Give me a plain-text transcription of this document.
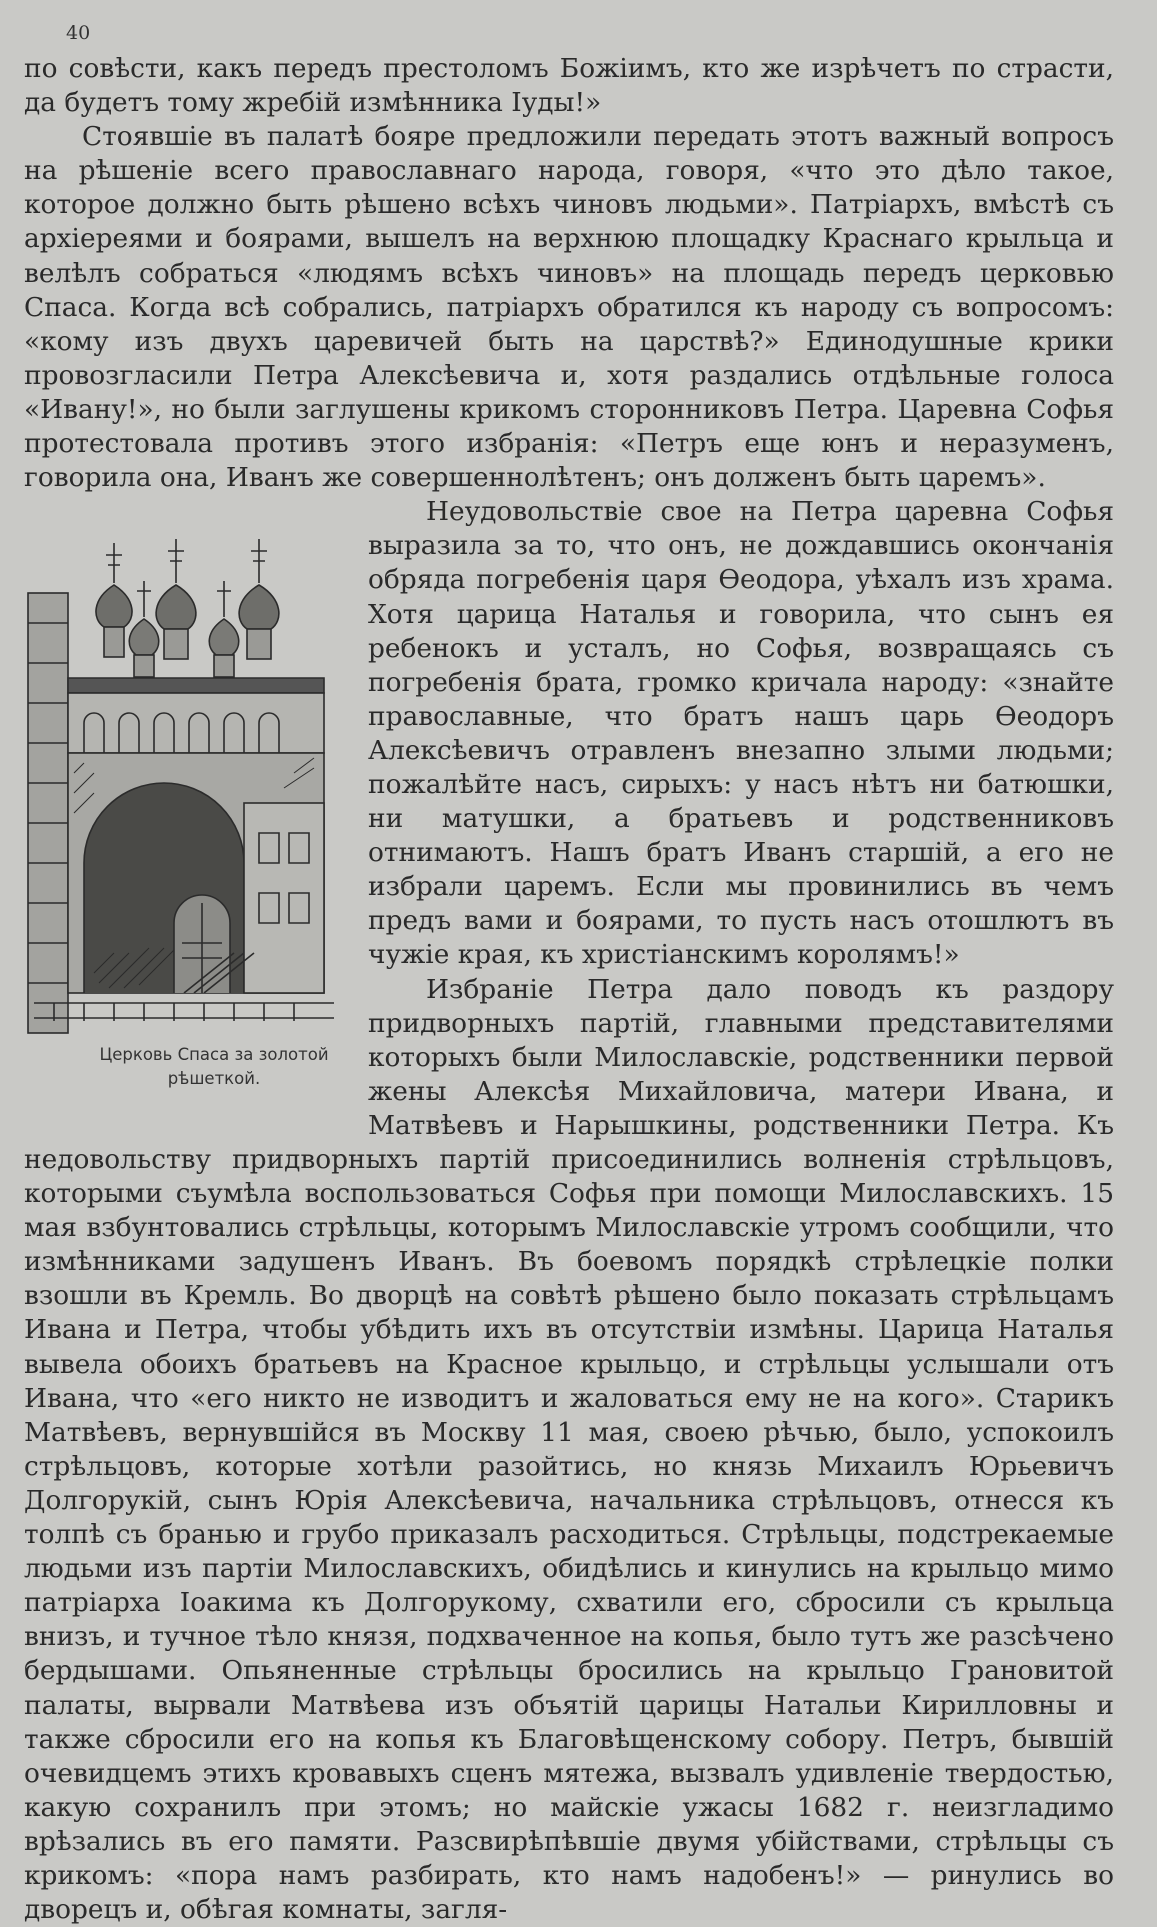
40

по совѣсти, какъ передъ престоломъ Божіимъ, кто же изрѣчетъ по страсти, да будетъ тому жребій измѣнника Іуды!»

Стоявшіе въ палатѣ бояре предложили передать этотъ важный вопросъ на рѣшеніе всего православнаго народа, говоря, «что это дѣло такое, которое должно быть рѣшено всѣхъ чиновъ людьми». Патріархъ, вмѣстѣ съ архіереями и боярами, вышелъ на верхнюю площадку Краснаго крыльца и велѣлъ собраться «людямъ всѣхъ чиновъ» на площадь передъ церковью Спаса. Когда всѣ собрались, патріархъ обратился къ народу съ вопросомъ: «кому изъ двухъ царевичей быть на царствѣ?» Единодушные крики провозгласили Петра Алексѣевича и, хотя раздались отдѣльные голоса «Ивану!», но были заглушены крикомъ сторонниковъ Петра. Царевна Софья протестовала противъ этого избранія: «Петръ еще юнъ и неразуменъ, говорила она, Иванъ же совершеннолѣтенъ; онъ долженъ быть царемъ».

Церковь Спаса за золотой
рѣшеткой.
Неудовольствіе свое на Петра царевна Софья выразила за то, что онъ, не дождавшись окончанія обряда погребенія царя Ѳеодора, уѣхалъ изъ храма. Хотя царица Наталья и говорила, что сынъ ея ребенокъ и усталъ, но Софья, возвращаясь съ погребенія брата, громко кричала народу: «знайте православные, что братъ нашъ царь Ѳеодоръ Алексѣевичъ отравленъ внезапно злыми людьми; пожалѣйте насъ, сирыхъ: у насъ нѣтъ ни батюшки, ни матушки, а братьевъ и родственниковъ отнимаютъ. Нашъ братъ Иванъ старшій, а его не избрали царемъ. Если мы провинились въ чемъ предъ вами и боярами, то пусть насъ отошлютъ въ чужіе края, къ христіанскимъ королямъ!»

Избраніе Петра дало поводъ къ раздору придворныхъ партій, главными представителями которыхъ были Милославскіе, родственники первой жены Алексѣя Михайловича, матери Ивана, и Матвѣевъ и Нарышкины, родственники Петра. Къ недовольству придворныхъ партій присоединились волненія стрѣльцовъ, которыми съумѣла воспользоваться Софья при помощи Милославскихъ. 15 мая взбунтовались стрѣльцы, которымъ Милославскіе утромъ сообщили, что измѣнниками задушенъ Иванъ. Въ боевомъ порядкѣ стрѣлецкіе полки взошли въ Кремль. Во дворцѣ на совѣтѣ рѣшено было показать стрѣльцамъ Ивана и Петра, чтобы убѣдить ихъ въ отсутствіи измѣны. Царица Наталья вывела обоихъ братьевъ на Красное крыльцо, и стрѣльцы услышали отъ Ивана, что «его никто не изводитъ и жаловаться ему не на кого». Старикъ Матвѣевъ, вернувшійся въ Москву 11 мая, своею рѣчью, было, успокоилъ стрѣльцовъ, которые хотѣли разойтись, но князь Михаилъ Юрьевичъ Долгорукій, сынъ Юрія Алексѣевича, начальника стрѣльцовъ, отнесся къ толпѣ съ бранью и грубо приказалъ расходиться. Стрѣльцы, подстрекаемые людьми изъ партіи Милославскихъ, обидѣлись и кинулись на крыльцо мимо патріарха Іоакима къ Долгорукому, схватили его, сбросили съ крыльца внизъ, и тучное тѣло князя, подхваченное на копья, было тутъ же разсѣчено бердышами. Опьяненные стрѣльцы бросились на крыльцо Грановитой палаты, вырвали Матвѣева изъ объятій царицы Натальи Кирилловны и также сбросили его на копья къ Благовѣщенскому собору. Петръ, бывшій очевидцемъ этихъ кровавыхъ сценъ мятежа, вызвалъ удивленіе твердостью, какую сохранилъ при этомъ; но майскіе ужасы 1682 г. неизгладимо врѣзались въ его памяти. Разсвирѣпѣвшіе двумя убійствами, стрѣльцы съ крикомъ: «пора намъ разбирать, кто намъ надобенъ!» — ринулись во дворецъ и, обѣгая комнаты, загля-
